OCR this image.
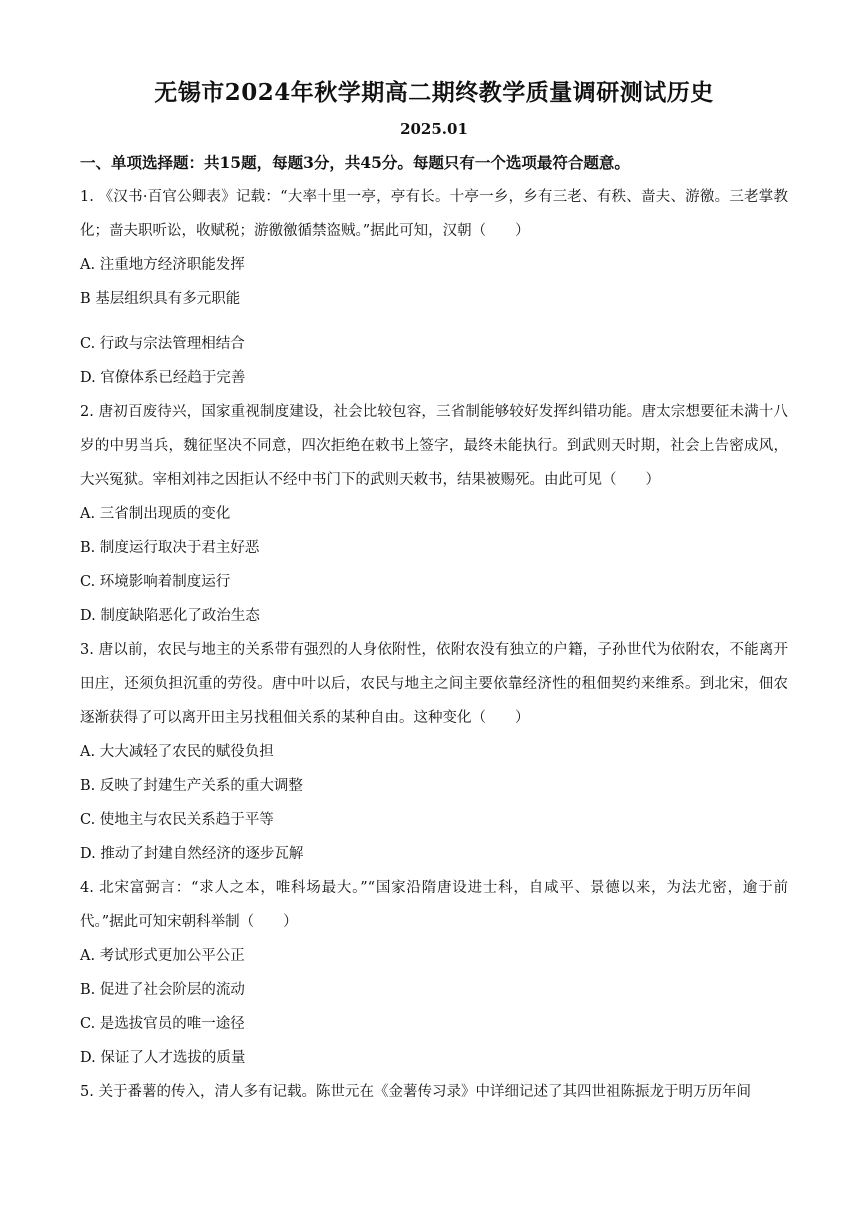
无锡市2024年秋学期高二期终教学质量调研测试历史
2025.01
一、单项选择题：共15题，每题3分，共45分。每题只有一个选项最符合题意。

1. 《汉书·百官公卿表》记载：“大率十里一亭，亭有长。十亭一乡，乡有三老、有秩、啬夫、游徼。三老掌教化；啬夫职听讼，收赋税；游徼徼循禁盗贼。”据此可知，汉朝（　　）

A. 注重地方经济职能发挥

B 基层组织具有多元职能

C. 行政与宗法管理相结合

D. 官僚体系已经趋于完善

2. 唐初百废待兴，国家重视制度建设，社会比较包容，三省制能够较好发挥纠错功能。唐太宗想要征未满十八岁的中男当兵，魏征坚决不同意，四次拒绝在敕书上签字，最终未能执行。到武则天时期，社会上告密成风，大兴冤狱。宰相刘祎之因拒认不经中书门下的武则天敕书，结果被赐死。由此可见（　　）

A. 三省制出现质的变化

B. 制度运行取决于君主好恶

C. 环境影响着制度运行

D. 制度缺陷恶化了政治生态

3. 唐以前，农民与地主的关系带有强烈的人身依附性，依附农没有独立的户籍，子孙世代为依附农，不能离开田庄，还须负担沉重的劳役。唐中叶以后，农民与地主之间主要依靠经济性的租佃契约来维系。到北宋，佃农逐渐获得了可以离开田主另找租佃关系的某种自由。这种变化（　　）

A. 大大减轻了农民的赋役负担

B. 反映了封建生产关系的重大调整

C. 使地主与农民关系趋于平等

D. 推动了封建自然经济的逐步瓦解

4. 北宋富弼言：“求人之本，唯科场最大。”“国家沿隋唐设进士科，自咸平、景德以来，为法尤密，逾于前代。”据此可知宋朝科举制（　　）

A. 考试形式更加公平公正

B. 促进了社会阶层的流动

C. 是选拔官员的唯一途径

D. 保证了人才选拔的质量

5. 关于番薯的传入，清人多有记载。陈世元在《金薯传习录》中详细记述了其四世祖陈振龙于明万历年间
